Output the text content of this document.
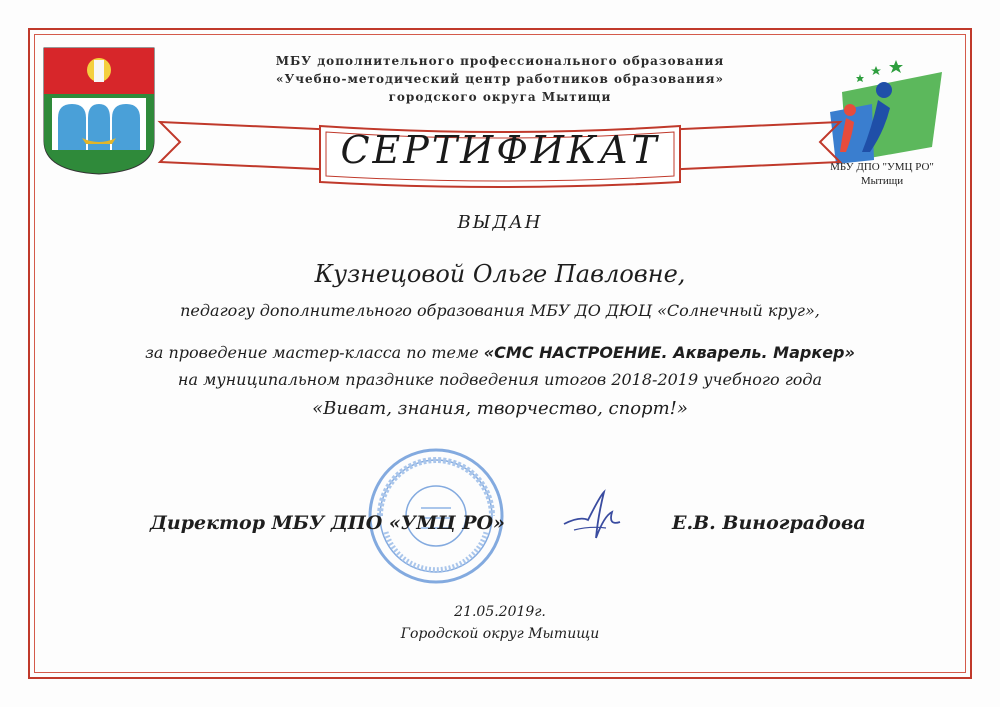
МБУ дополнительного профессионального образования
«Учебно-методический центр работников образования»
городского округа Мытищи
МБУ ДПО "УМЦ РО"
Мытищи
СЕРТИФИКАТ
ВЫДАН
Кузнецовой Ольге Павловне,
педагогу дополнительного образования МБУ ДО ДЮЦ «Солнечный круг»,
за проведение мастер-класса по теме «СМС НАСТРОЕНИЕ. Акварель. Маркер»
на муниципальном празднике подведения итогов 2018-2019 учебного года
«Виват, знания, творчество, спорт!»
Директор МБУ ДПО «УМЦ РО»	Е.В. Виноградова
21.05.2019г.
Городской округ Мытищи
